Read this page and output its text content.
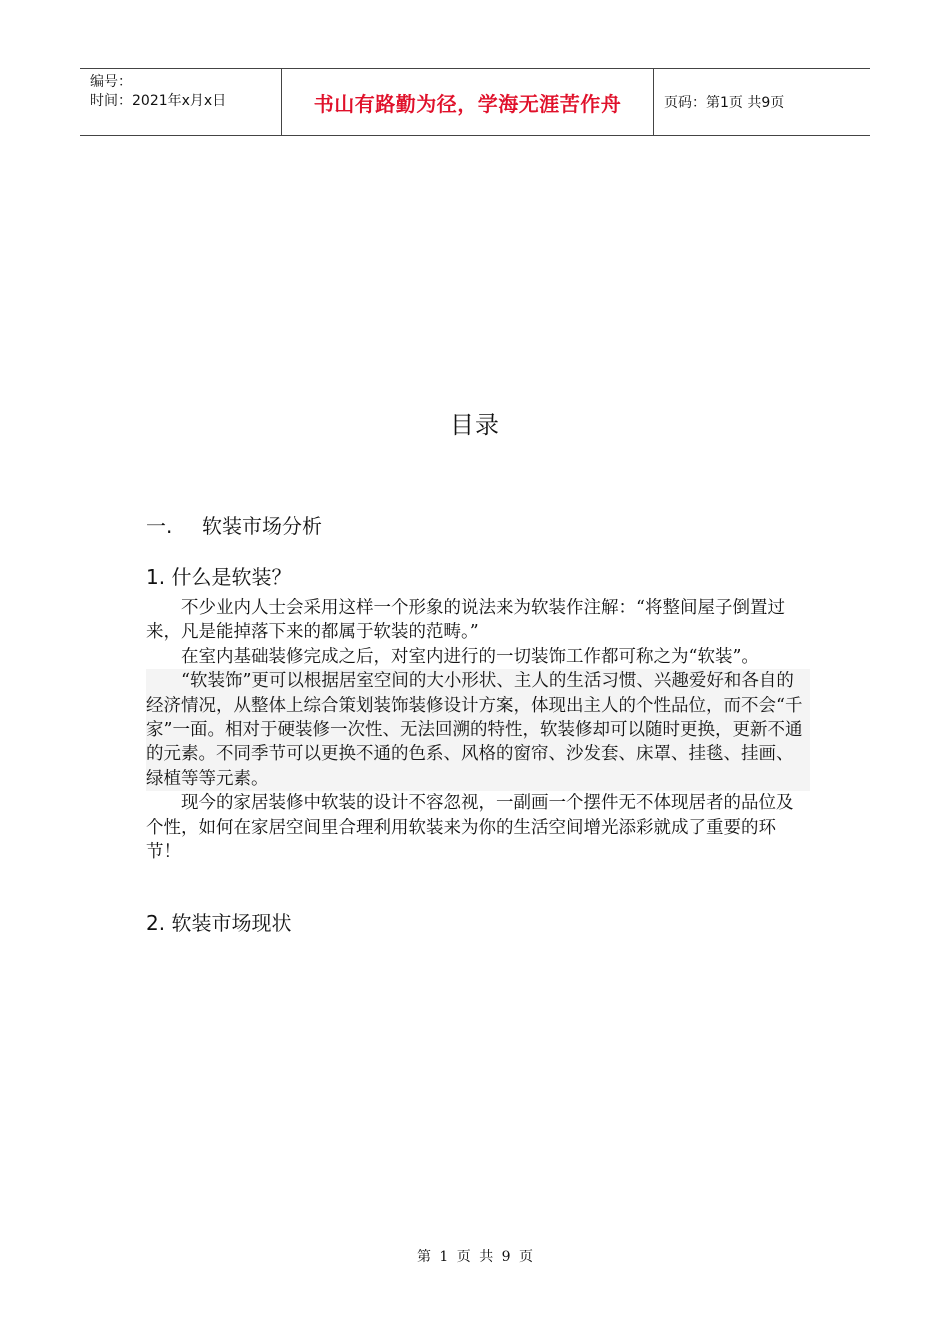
编号：
时间：2021年x月x日	书山有路勤为径，学海无涯苦作舟	页码：第1页 共9页
目录
一. 软装市场分析
1. 什么是软装？

不少业内人士会采用这样一个形象的说法来为软装作注解：“将整间屋子倒置过来，凡是能掉落下来的都属于软装的范畴。”

在室内基础装修完成之后，对室内进行的一切装饰工作都可称之为“软装”。

“软装饰”更可以根据居室空间的大小形状、主人的生活习惯、兴趣爱好和各自的经济情况，从整体上综合策划装饰装修设计方案，体现出主人的个性品位，而不会“千家”一面。相对于硬装修一次性、无法回溯的特性，软装修却可以随时更换，更新不通的元素。不同季节可以更换不通的色系、风格的窗帘、沙发套、床罩、挂毯、挂画、绿植等等元素。

现今的家居装修中软装的设计不容忽视，一副画一个摆件无不体现居者的品位及个性，如何在家居空间里合理利用软装来为你的生活空间增光添彩就成了重要的环节！

2. 软装市场现状
第 1 页 共 9 页
